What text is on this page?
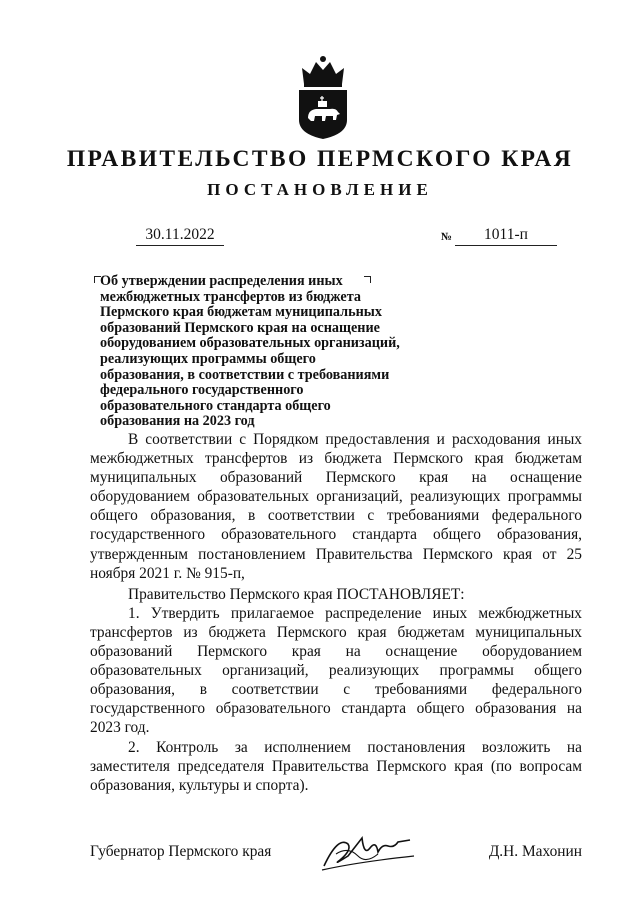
ПРАВИТЕЛЬСТВО ПЕРМСКОГО КРАЯ
ПОСТАНОВЛЕНИЕ
30.11.2022	№	1011-п
Об утверждении распределения иных межбюджетных трансфертов из бюджета Пермского края бюджетам муниципальных образований Пермского края на оснащение оборудованием образовательных организаций, реализующих программы общего образования, в соответствии с требованиями федерального государственного образовательного стандарта общего образования на 2023 год

В соответствии с Порядком предоставления и расходования иных межбюджетных трансфертов из бюджета Пермского края бюджетам муниципальных образований Пермского края на оснащение оборудованием образовательных организаций, реализующих программы общего образования, в соответствии с требованиями федерального государственного образовательного стандарта общего образования, утвержденным постановлением Правительства Пермского края от 25 ноября 2021 г. № 915-п,

Правительство Пермского края ПОСТАНОВЛЯЕТ:

1. Утвердить прилагаемое распределение иных межбюджетных трансфертов из бюджета Пермского края бюджетам муниципальных образований Пермского края на оснащение оборудованием образовательных организаций, реализующих программы общего образования, в соответствии с требованиями федерального государственного образовательного стандарта общего образования на 2023 год.

2. Контроль за исполнением постановления возложить на заместителя председателя Правительства Пермского края (по вопросам образования, культуры и спорта).

Губернатор Пермского края	Д.Н. Махонин
